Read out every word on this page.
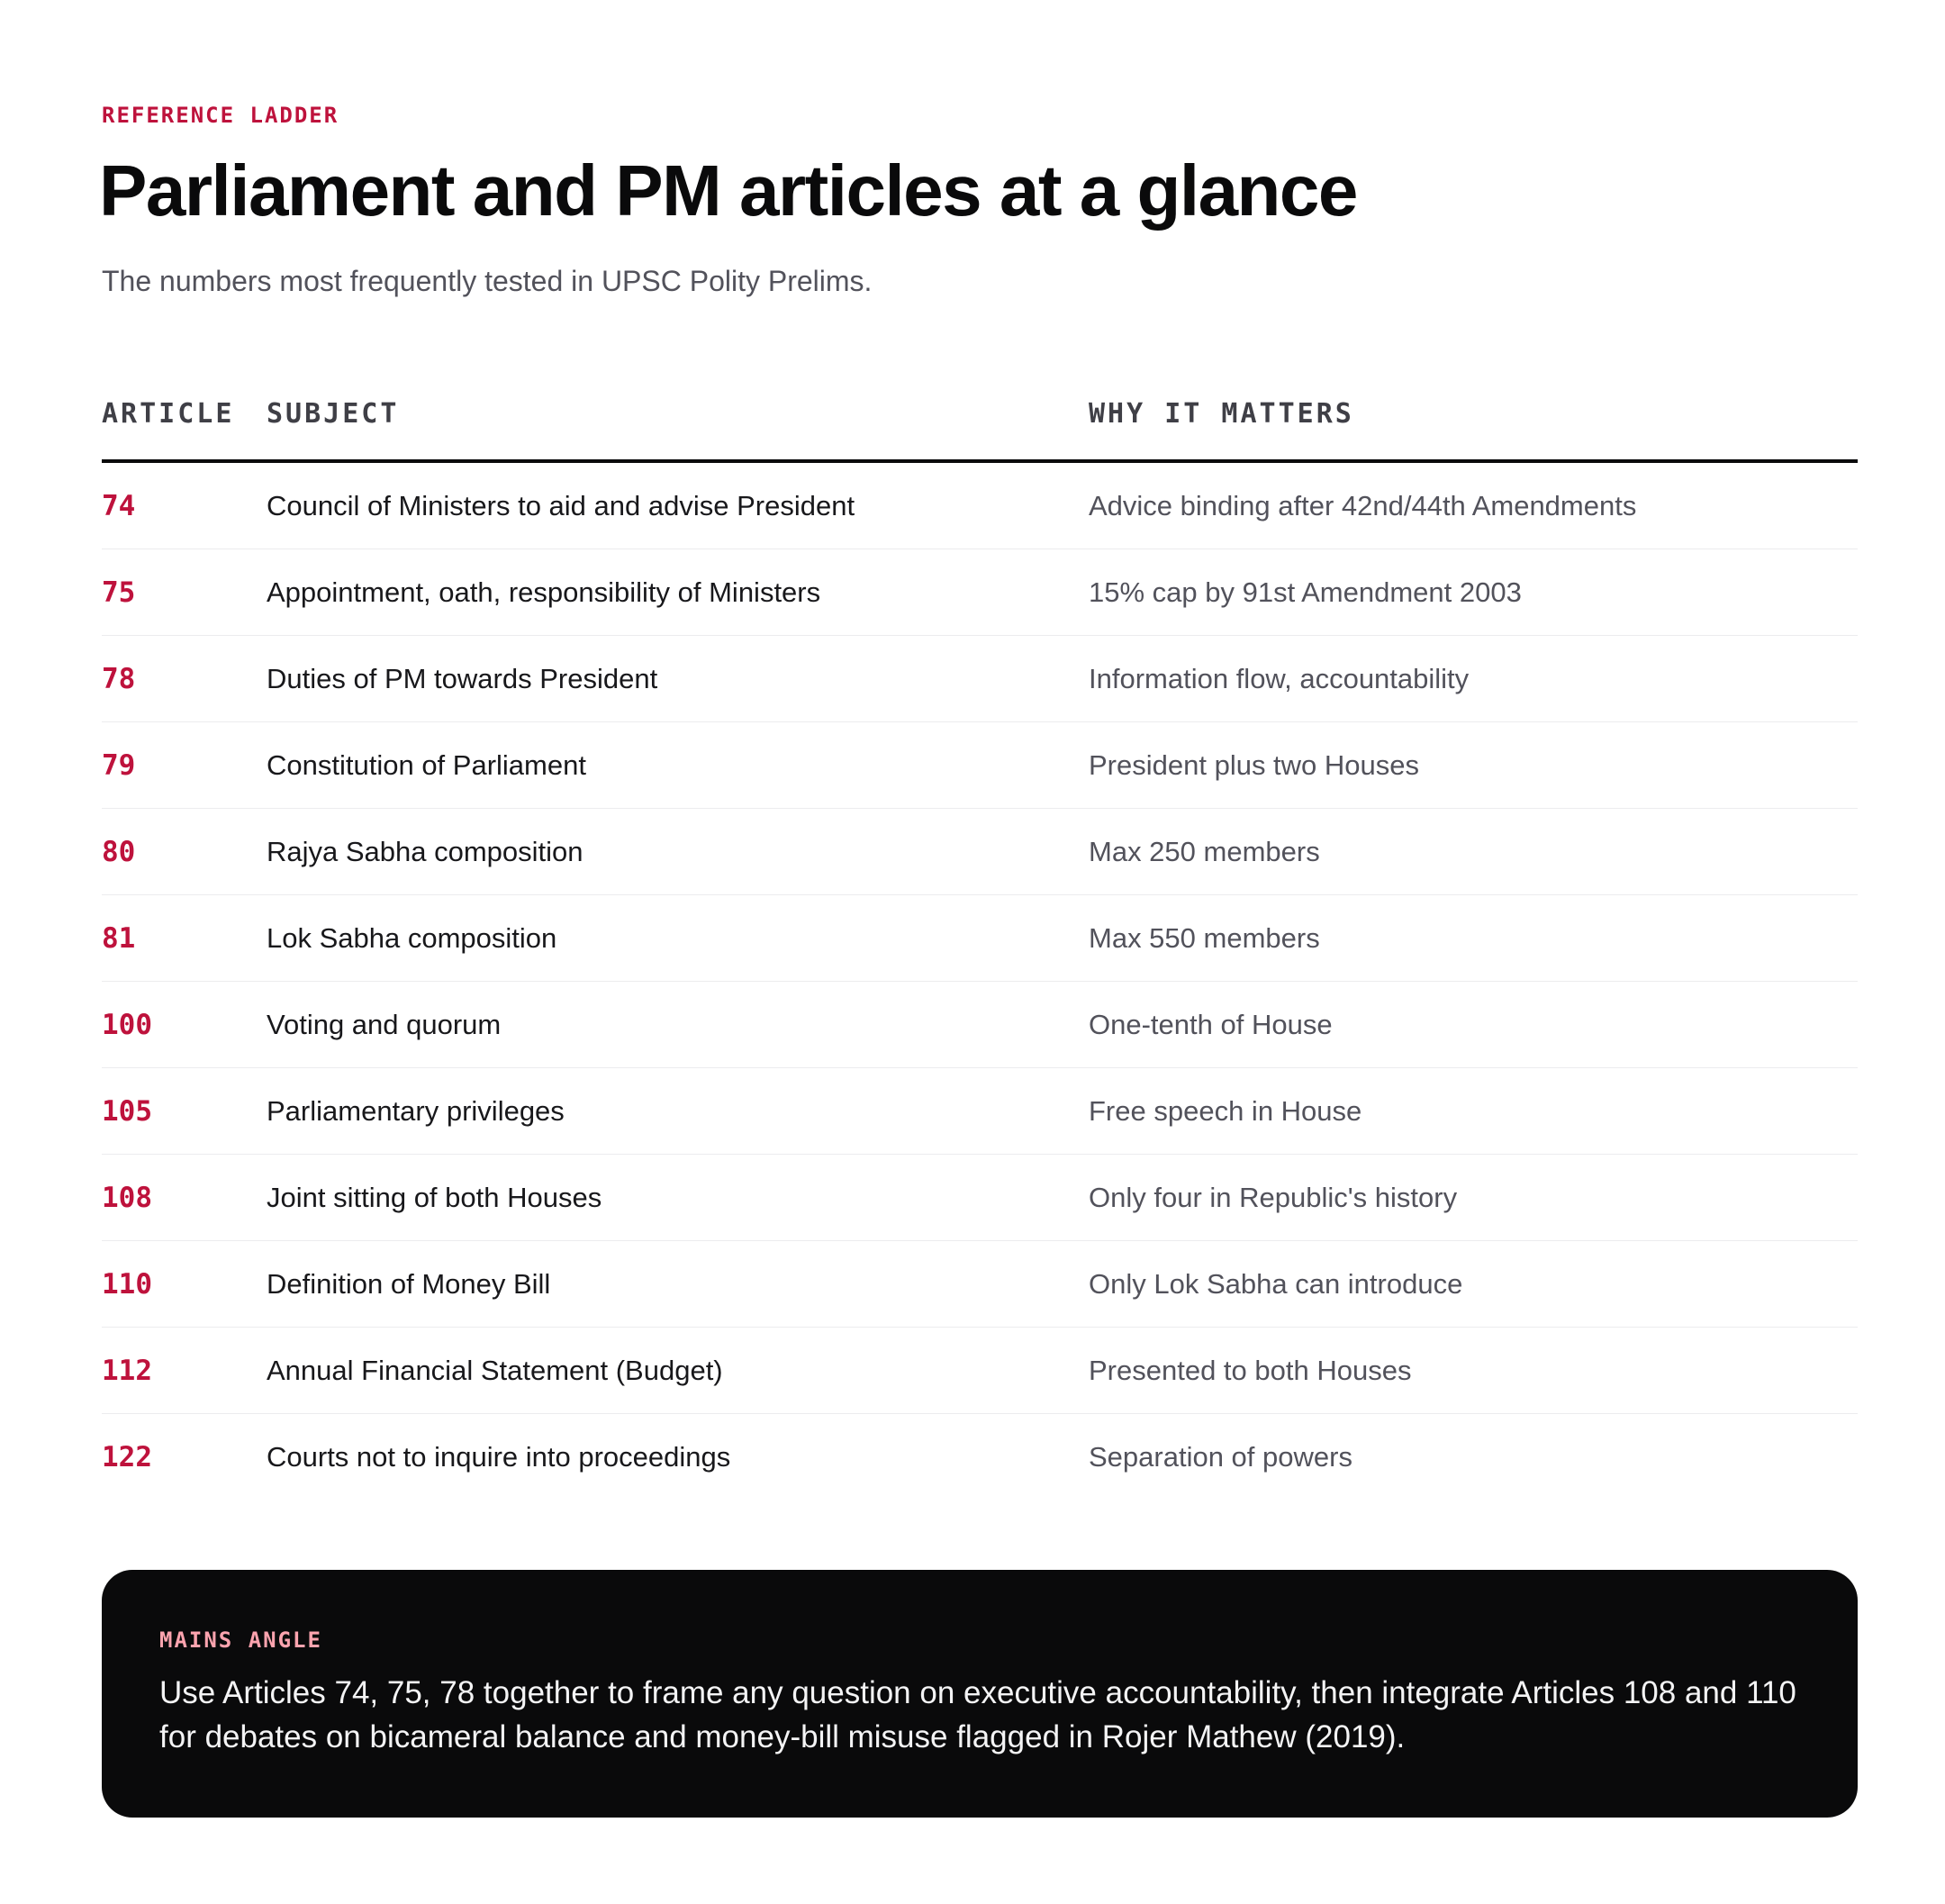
REFERENCE LADDER
Parliament and PM articles at a glance

The numbers most frequently tested in UPSC Polity Prelims.

ARTICLE SUBJECT	WHY IT MATTERS
74	Council of Ministers to aid and advise President	Advice binding after 42nd/44th Amendments
75	Appointment, oath, responsibility of Ministers	15% cap by 91st Amendment 2003
78	Duties of PM towards President	Information flow, accountability
79	Constitution of Parliament	President plus two Houses
80	Rajya Sabha composition	Max 250 members
81	Lok Sabha composition	Max 550 members
100	Voting and quorum	One-tenth of House
105	Parliamentary privileges	Free speech in House
108	Joint sitting of both Houses	Only four in Republic's history
110	Definition of Money Bill	Only Lok Sabha can introduce
112	Annual Financial Statement (Budget)	Presented to both Houses
122	Courts not to inquire into proceedings	Separation of powers
MAINS ANGLE

Use Articles 74, 75, 78 together to frame any question on executive accountability, then integrate Articles 108 and 110 for debates on bicameral balance and money-bill misuse flagged in Rojer Mathew (2019).
